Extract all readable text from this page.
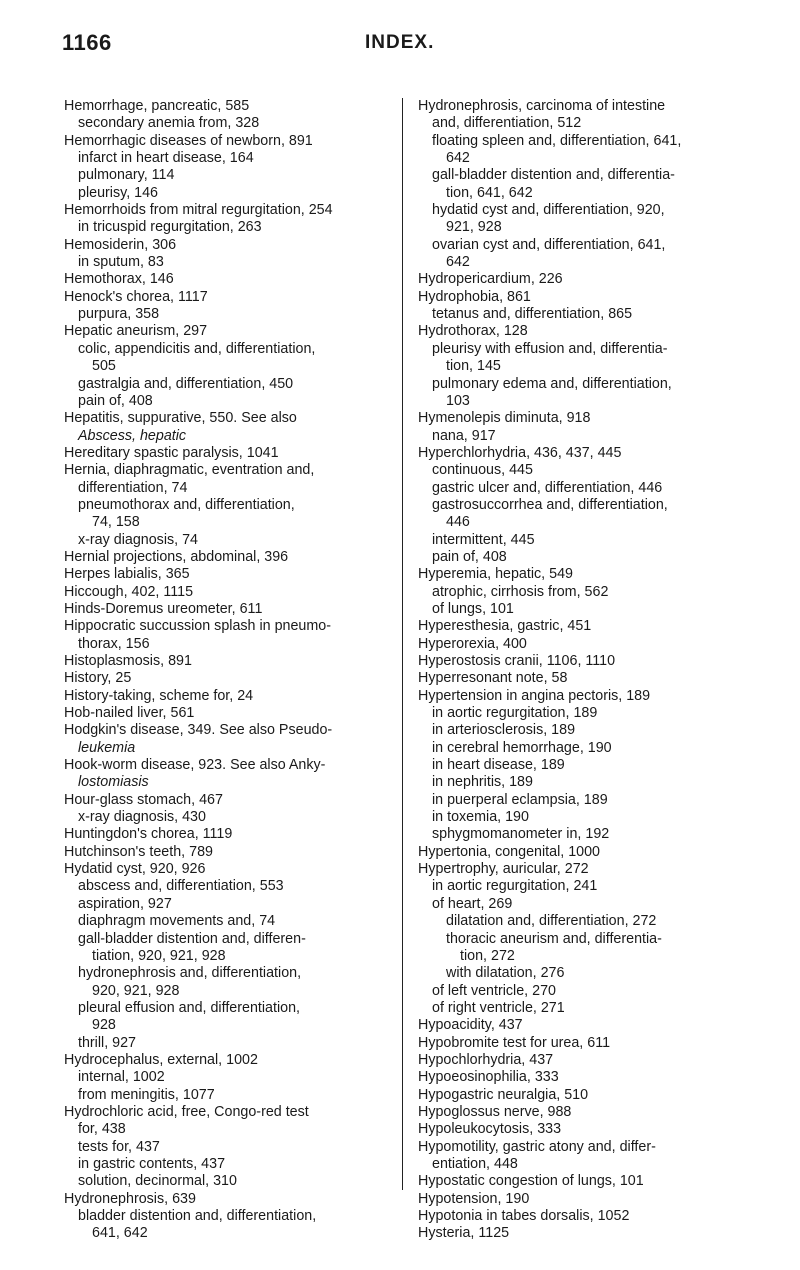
1166	INDEX.
Hemorrhage, pancreatic, 585
secondary anemia from, 328
Hemorrhagic diseases of newborn, 891
infarct in heart disease, 164
pulmonary, 114
pleurisy, 146
Hemorrhoids from mitral regurgitation, 254
in tricuspid regurgitation, 263
Hemosiderin, 306
in sputum, 83
Hemothorax, 146
Henock's chorea, 1117
purpura, 358
Hepatic aneurism, 297
colic, appendicitis and, differentiation,
505
gastralgia and, differentiation, 450
pain of, 408
Hepatitis, suppurative, 550. See also
Abscess, hepatic
Hereditary spastic paralysis, 1041
Hernia, diaphragmatic, eventration and,
differentiation, 74
pneumothorax and, differentiation,
74, 158
x-ray diagnosis, 74
Hernial projections, abdominal, 396
Herpes labialis, 365
Hiccough, 402, 1115
Hinds-Doremus ureometer, 611
Hippocratic succussion splash in pneumo-
thorax, 156
Histoplasmosis, 891
History, 25
History-taking, scheme for, 24
Hob-nailed liver, 561
Hodgkin's disease, 349. See also Pseudo-
leukemia
Hook-worm disease, 923. See also Anky-
lostomiasis
Hour-glass stomach, 467
x-ray diagnosis, 430
Huntingdon's chorea, 1119
Hutchinson's teeth, 789
Hydatid cyst, 920, 926
abscess and, differentiation, 553
aspiration, 927
diaphragm movements and, 74
gall-bladder distention and, differen-
tiation, 920, 921, 928
hydronephrosis and, differentiation,
920, 921, 928
pleural effusion and, differentiation,
928
thrill, 927
Hydrocephalus, external, 1002
internal, 1002
from meningitis, 1077
Hydrochloric acid, free, Congo-red test
for, 438
tests for, 437
in gastric contents, 437
solution, decinormal, 310
Hydronephrosis, 639
bladder distention and, differentiation,
641, 642
Hydronephrosis, carcinoma of intestine
and, differentiation, 512
floating spleen and, differentiation, 641,
642
gall-bladder distention and, differentia-
tion, 641, 642
hydatid cyst and, differentiation, 920,
921, 928
ovarian cyst and, differentiation, 641,
642
Hydropericardium, 226
Hydrophobia, 861
tetanus and, differentiation, 865
Hydrothorax, 128
pleurisy with effusion and, differentia-
tion, 145
pulmonary edema and, differentiation,
103
Hymenolepis diminuta, 918
nana, 917
Hyperchlorhydria, 436, 437, 445
continuous, 445
gastric ulcer and, differentiation, 446
gastrosuccorrhea and, differentiation,
446
intermittent, 445
pain of, 408
Hyperemia, hepatic, 549
atrophic, cirrhosis from, 562
of lungs, 101
Hyperesthesia, gastric, 451
Hyperorexia, 400
Hyperostosis cranii, 1106, 1110
Hyperresonant note, 58
Hypertension in angina pectoris, 189
in aortic regurgitation, 189
in arteriosclerosis, 189
in cerebral hemorrhage, 190
in heart disease, 189
in nephritis, 189
in puerperal eclampsia, 189
in toxemia, 190
sphygmomanometer in, 192
Hypertonia, congenital, 1000
Hypertrophy, auricular, 272
in aortic regurgitation, 241
of heart, 269
dilatation and, differentiation, 272
thoracic aneurism and, differentia-
tion, 272
with dilatation, 276
of left ventricle, 270
of right ventricle, 271
Hypoacidity, 437
Hypobromite test for urea, 611
Hypochlorhydria, 437
Hypoeosinophilia, 333
Hypogastric neuralgia, 510
Hypoglossus nerve, 988
Hypoleukocytosis, 333
Hypomotility, gastric atony and, differ-
entiation, 448
Hypostatic congestion of lungs, 101
Hypotension, 190
Hypotonia in tabes dorsalis, 1052
Hysteria, 1125
